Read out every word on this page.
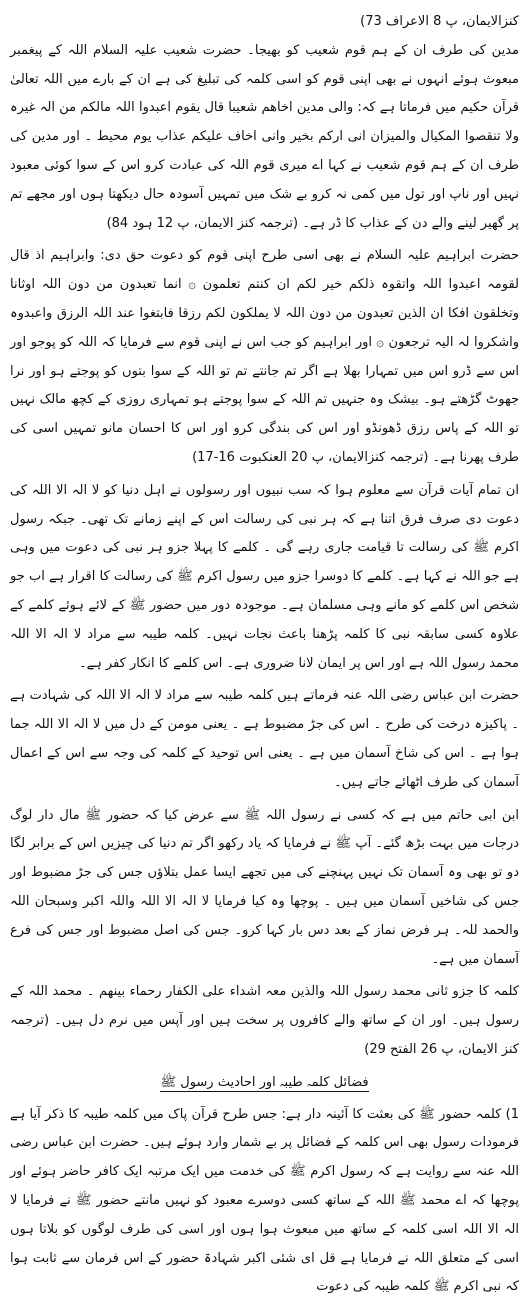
کنزالایمان، پ 8 الاعراف 73)

مدین کی طرف ان کے ہم قوم شعیب کو بھیجا۔ حضرت شعیب علیہ السلام اللہ کے پیغمبر مبعوث ہوئے انہوں نے بھی اپنی قوم کو اسی کلمہ کی تبلیغ کی ہے ان کے بارے میں اللہ تعالیٰ قرآن حکیم میں فرماتا ہے کہ: والی مدین اخاھم شعیبا قال یقوم اعبدوا اللہ مالکم من الہ غیرہ ولا تنقصوا المکیال والمیزان انی ارکم بخیر وانی اخاف علیکم عذاب یوم محیط ۔ اور مدین کی طرف ان کے ہم قوم شعیب نے کہا اے میری قوم اللہ کی عبادت کرو اس کے سوا کوئی معبود نہیں اور ناپ اور تول میں کمی نہ کرو بے شک میں تمہیں آسودہ حال دیکھتا ہوں اور مجھے تم پر گھیر لینے والے دن کے عذاب کا ڈر ہے۔ (ترجمہ کنز الایمان، پ 12 ہود 84)

حضرت ابراہیم علیہ السلام نے بھی اسی طرح اپنی قوم کو دعوت حق دی: وابراہیم اذ قال لقومہ اعبدوا اللہ واتقوہ ذلکم خیر لکم ان کنتم تعلمون ۞ انما تعبدون من دون اللہ اوثانا وتخلقون افکا ان الذین تعبدون من دون اللہ لا یملکون لکم رزقا فابتغوا عند اللہ الرزق واعبدوہ واشکروا لہ الیہ ترجعون ۞ اور ابراہیم کو جب اس نے اپنی قوم سے فرمایا کہ اللہ کو پوجو اور اس سے ڈرو اس میں تمہارا بھلا ہے اگر تم جانتے تم تو اللہ کے سوا بتوں کو پوجتے ہو اور نرا جھوٹ گڑھتے ہو۔ بیشک وہ جنہیں تم اللہ کے سوا پوجتے ہو تمہاری روزی کے کچھ مالک نہیں تو اللہ کے پاس رزق ڈھونڈو اور اس کی بندگی کرو اور اس کا احسان مانو تمہیں اسی کی طرف پھرنا ہے۔ (ترجمہ کنزالایمان، پ 20 العنکبوت 16-17)

ان تمام آیات قرآن سے معلوم ہوا کہ سب نبیوں اور رسولوں نے اہل دنیا کو لا الہ الا اللہ کی دعوت دی صرف فرق اتنا ہے کہ ہر نبی کی رسالت اس کے اپنے زمانے تک تھی۔ جبکہ رسول اکرم ﷺ کی رسالت تا قیامت جاری رہے گی ۔ کلمے کا پہلا جزو ہر نبی کی دعوت میں وہی ہے جو اللہ نے کہا ہے۔ کلمے کا دوسرا جزو میں رسول اکرم ﷺ کی رسالت کا اقرار ہے اب جو شخص اس کلمے کو مانے وہی مسلمان ہے۔ موجودہ دور میں حضور ﷺ کے لائے ہوئے کلمے کے علاوہ کسی سابقہ نبی کا کلمہ پڑھنا باعث نجات نہیں۔ کلمہ طیبہ سے مراد لا الہ الا اللہ محمد رسول اللہ ہے اور اس پر ایمان لانا ضروری ہے۔ اس کلمے کا انکار کفر ہے۔

حضرت ابن عباس رضی اللہ عنہ فرماتے ہیں کلمہ طیبہ سے مراد لا الہ الا اللہ کی شہادت ہے ۔ پاکیزہ درخت کی طرح ۔ اس کی جڑ مضبوط ہے ۔ یعنی مومن کے دل میں لا الہ الا اللہ جما ہوا ہے ۔ اس کی شاخ آسمان میں ہے ۔ یعنی اس توحید کے کلمہ کی وجہ سے اس کے اعمال آسمان کی طرف اٹھائے جاتے ہیں۔

ابن ابی حاتم میں ہے کہ کسی نے رسول اللہ ﷺ سے عرض کیا کہ حضور ﷺ مال دار لوگ درجات میں بہت بڑھ گئے۔ آپ ﷺ نے فرمایا کہ یاد رکھو اگر تم دنیا کی چیزیں اس کے برابر لگا دو تو بھی وہ آسمان تک نہیں پہنچنے کی میں تجھے ایسا عمل بتلاؤں جس کی جڑ مضبوط اور جس کی شاخیں آسمان میں ہیں ۔ پوچھا وہ کیا فرمایا لا الہ الا اللہ واللہ اکبر وسبحان اللہ والحمد للہ۔ ہر فرض نماز کے بعد دس بار کہا کرو۔ جس کی اصل مضبوط اور جس کی فرع آسمان میں ہے۔

کلمہ کا جزو ثانی محمد رسول اللہ والذین معہ اشداء علی الکفار رحماء بینھم ۔ محمد اللہ کے رسول ہیں۔ اور ان کے ساتھ والے کافروں پر سخت ہیں اور آپس میں نرم دل ہیں۔ (ترجمہ کنز الایمان، پ 26 الفتح 29)

فضائل کلمہ طیبہ اور احادیث رسول ﷺ

1) کلمہ حضور ﷺ کی بعثت کا آئینہ دار ہے: جس طرح قرآن پاک میں کلمہ طیبہ کا ذکر آیا ہے فرمودات رسول بھی اس کلمہ کے فضائل پر بے شمار وارد ہوئے ہیں۔ حضرت ابن عباس رضی اللہ عنہ سے روایت ہے کہ رسول اکرم ﷺ کی خدمت میں ایک مرتبہ ایک کافر حاضر ہوئے اور پوچھا کہ اے محمد ﷺ اللہ کے ساتھ کسی دوسرے معبود کو نہیں مانتے حضور ﷺ نے فرمایا لا الہ الا اللہ اسی کلمہ کے ساتھ میں مبعوث ہوا ہوں اور اسی کی طرف لوگوں کو بلاتا ہوں اسی کے متعلق اللہ نے فرمایا ہے قل ای شئی اکبر شہادۃ حضور کے اس فرمان سے ثابت ہوا کہ نبی اکرم ﷺ کلمہ طیبہ کی دعوت
